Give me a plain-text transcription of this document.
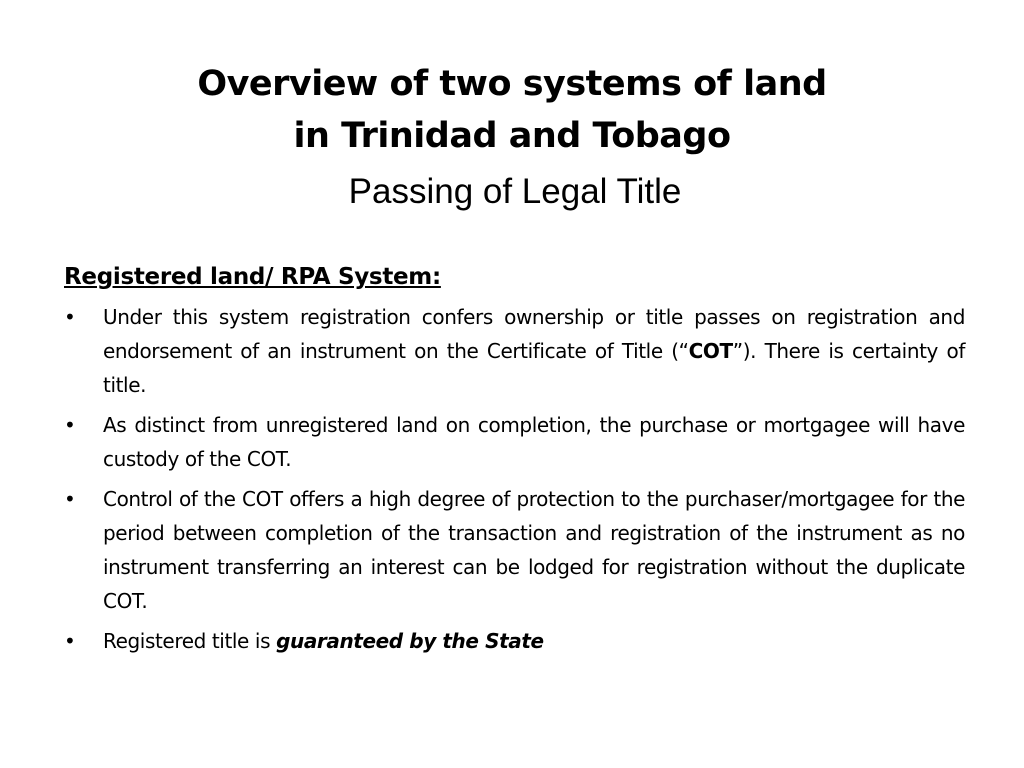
Overview of two systems of land
in Trinidad and Tobago
Passing of Legal Title
Registered land/ RPA System:
•	Under this system registration confers ownership or title passes on registration and endorsement of an instrument on the Certificate of Title (“COT”). There is certainty of title.
•	As distinct from unregistered land on completion, the purchase or mortgagee will have custody of the COT.
•	Control of the COT offers a high degree of protection to the purchaser/mortgagee for the period between completion of the transaction and registration of the instrument as no instrument transferring an interest can be lodged for registration without the duplicate COT.
•	Registered title is guaranteed by the State
